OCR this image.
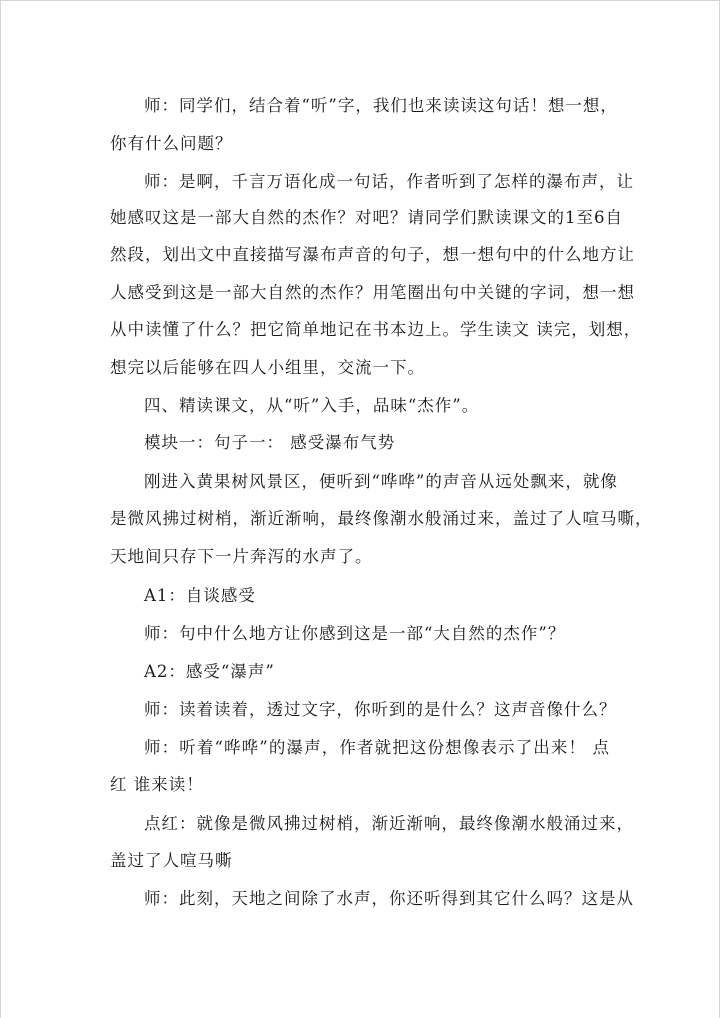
师：同学们，结合着“听”字，我们也来读读这句话！想一想，
你有什么问题？
师：是啊，千言万语化成一句话，作者听到了怎样的瀑布声，让
她感叹这是一部大自然的杰作？对吧？请同学们默读课文的1至6自
然段，划出文中直接描写瀑布声音的句子，想一想句中的什么地方让
人感受到这是一部大自然的杰作？用笔圈出句中关键的字词，想一想
从中读懂了什么？把它简单地记在书本边上。学生读文 读完，划想，
想完以后能够在四人小组里，交流一下。
四、精读课文，从“听”入手，品味“杰作”。
模块一：句子一： 感受瀑布气势
刚进入黄果树风景区，便听到“哗哗”的声音从远处飘来，就像
是微风拂过树梢，渐近渐响，最终像潮水般涌过来，盖过了人喧马嘶，
天地间只存下一片奔泻的水声了。
A1：自谈感受
师：句中什么地方让你感到这是一部“大自然的杰作”？
A2：感受“瀑声”
师：读着读着，透过文字，你听到的是什么？这声音像什么？
师：听着“哗哗”的瀑声，作者就把这份想像表示了出来！ 点
红 谁来读！
点红：就像是微风拂过树梢，渐近渐响，最终像潮水般涌过来，
盖过了人喧马嘶
师：此刻，天地之间除了水声，你还听得到其它什么吗？这是从
